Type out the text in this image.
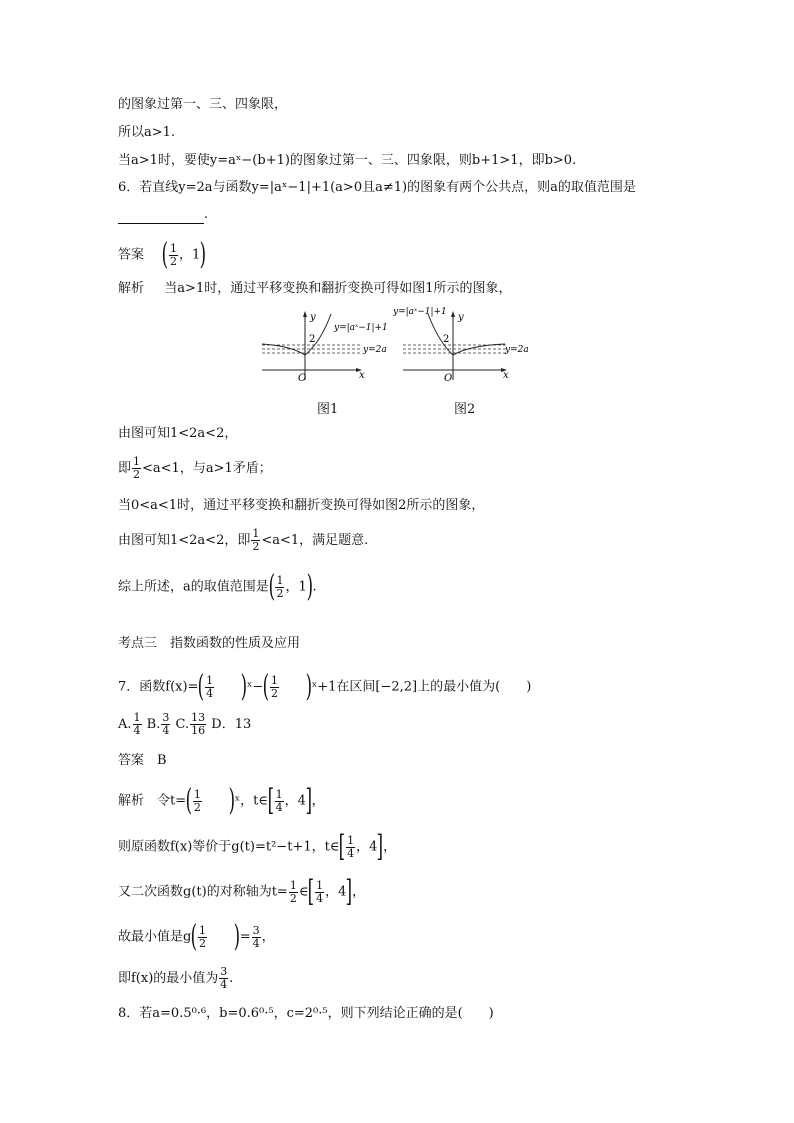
的图象过第一、三、四象限，
所以a>1.
当a>1时，要使y=aˣ−(b+1)的图象过第一、三、四象限，则b+1>1，即b>0.
6．若直线y=2a与函数y=|aˣ−1|+1(a>0且a≠1)的图象有两个公共点，则a的取值范围是
.
答案 ( $\frac{1}{2}$ ，1)
解析 当a>1时，通过平移变换和翻折变换可得如图1所示的图象，
y
2
y=|aˣ−1|+1
y=2a
O	x
y=|aˣ−1|+1 y
2
y=2a
O	x
图1	图2
由图可知1<2a<2，
即 $\frac{1}{2} <a<1$，与a>1矛盾；
当0<a<1时，通过平移变换和翻折变换可得如图2所示的图象，
由图可知1<2a<2，即 $\frac{1}{2} <a<1$，满足题意.
综上所述，a的取值范围是( $\frac{1}{2}$ ，1).
考点三　指数函数的性质及应用
7．函数$f(x)=( \frac{1}{4}$ )ˣ−( $\frac{1}{2}$ )ˣ+1在区间[−2,2]上的最小值为(　　)
A. $\frac{1}{4} B$. $\frac{3}{4} C$. $\frac{13}{16}$ D．13
答案　B
解析　令$t=( \frac{1}{2}$ )ˣ，t∈[ $\frac{1}{4}$ ，4]，
则原函数f(x)等价于g(t)=t²−t+1，t∈[ $\frac{1}{4}$ ，4]，
又二次函数g(t)的对称轴为$t= \frac{1}{2}$ ∈[ $\frac{1}{4}$ ，4]，
故最小值是$g( \frac{1}{2}$ )= $\frac{3}{4}$ ，
即f(x)的最小值为 $\frac{3}{4}$ .
8．若a=0.5⁰·⁶，b=0.6⁰·⁵，c=2⁰·⁵，则下列结论正确的是(　　)
